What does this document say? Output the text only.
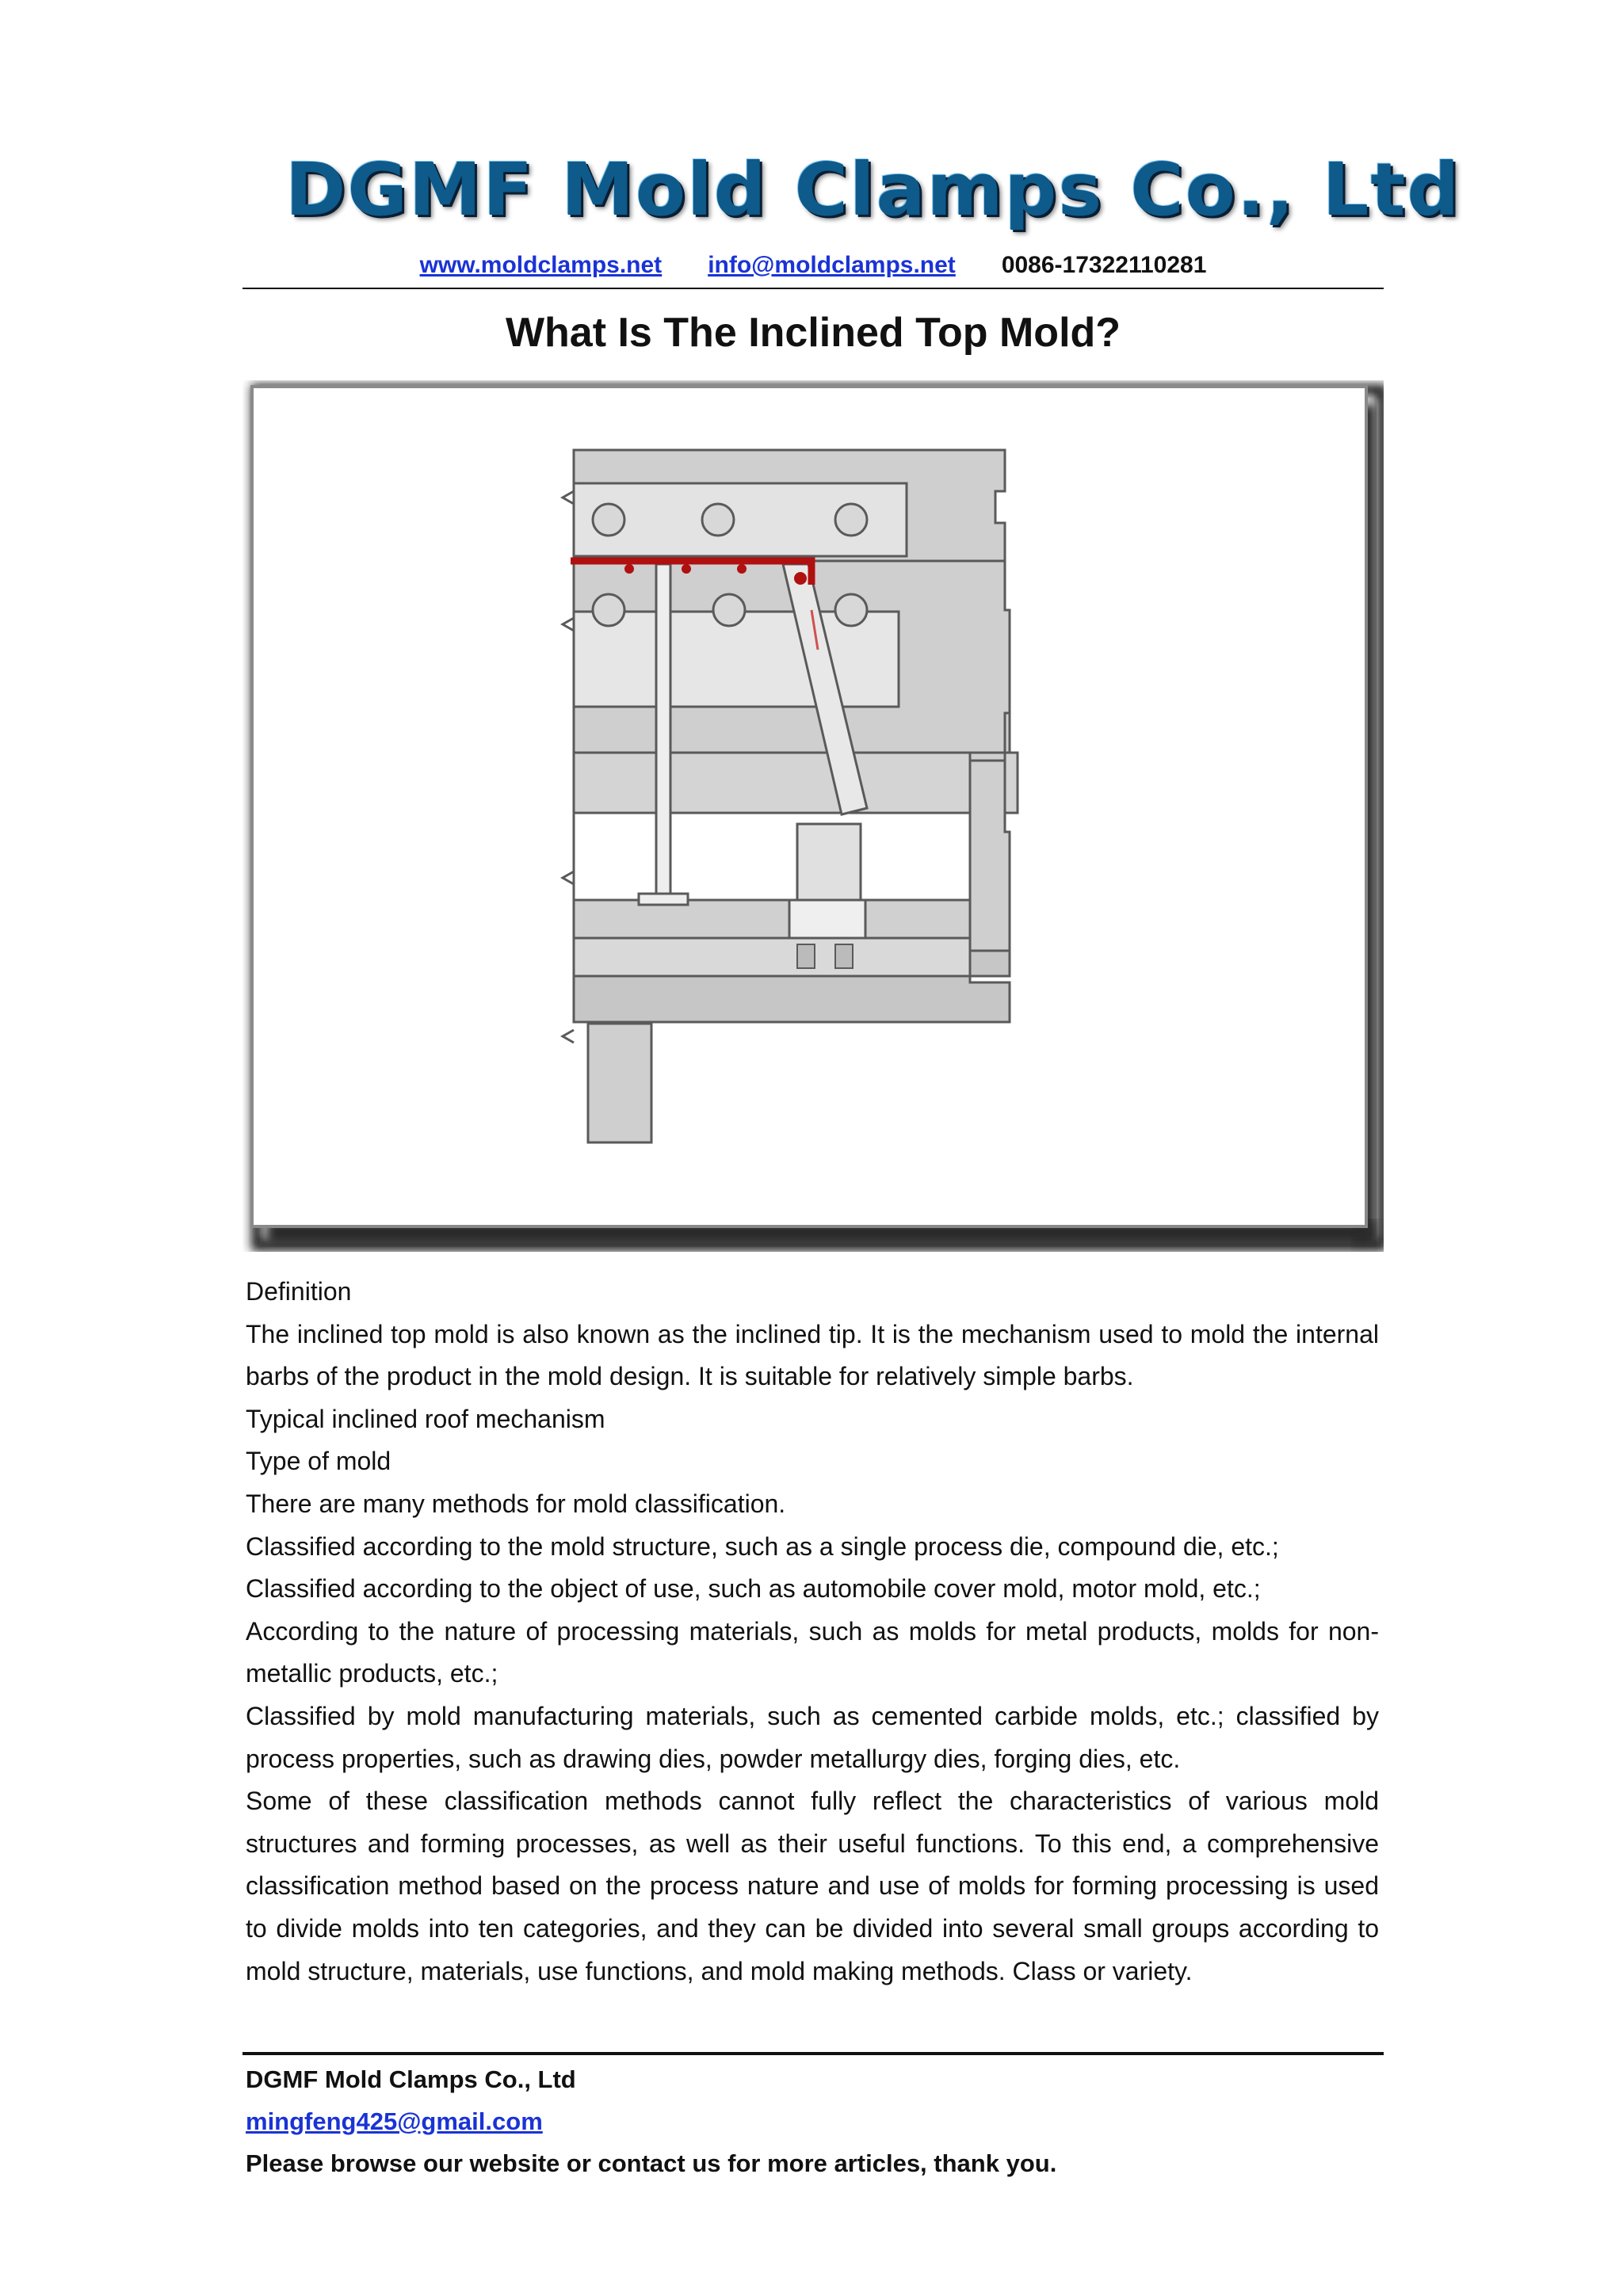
DGMF Mold Clamps Co., Ltd
www.moldclamps.net info@moldclamps.net 0086-17322110281
What Is The Inclined Top Mold?

Definition

The inclined top mold is also known as the inclined tip. It is the mechanism used to mold the internal barbs of the product in the mold design. It is suitable for relatively simple barbs.

Typical inclined roof mechanism

Type of mold

There are many methods for mold classification.

Classified according to the mold structure, such as a single process die, compound die, etc.;

Classified according to the object of use, such as automobile cover mold, motor mold, etc.;

According to the nature of processing materials, such as molds for metal products, molds for non-metallic products, etc.;

Classified by mold manufacturing materials, such as cemented carbide molds, etc.; classified by process properties, such as drawing dies, powder metallurgy dies, forging dies, etc.

Some of these classification methods cannot fully reflect the characteristics of various mold structures and forming processes, as well as their useful functions. To this end, a comprehensive classification method based on the process nature and use of molds for forming processing is used to divide molds into ten categories, and they can be divided into several small groups according to mold structure, materials, use functions, and mold making methods. Class or variety.

DGMF Mold Clamps Co., Ltd
mingfeng425@gmail.com
Please browse our website or contact us for more articles, thank you.
